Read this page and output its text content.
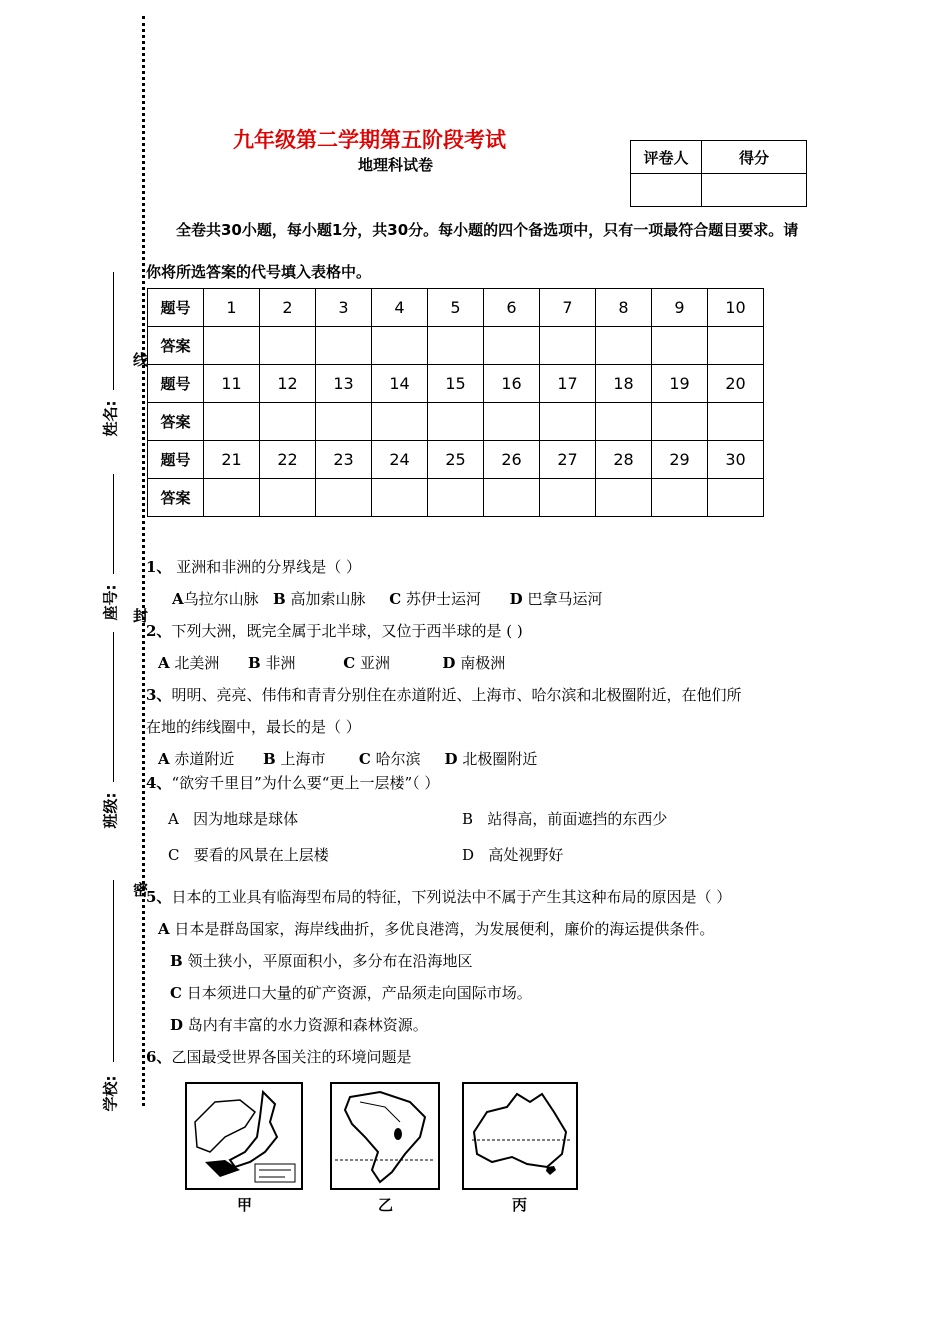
线
封
密
姓名:
座号:
班级:
学校:
九年级第二学期第五阶段考试
地理科试卷	评卷人	得分

全卷共30小题，每小题1分，共30分。每小题的四个备选项中，只有一项最符合题目要求。请你将所选答案的代号填入表格中。
题号	1	2	3	4	5	6	7	8	9	10
答案										
题号	11	12	13	14	15	16	17	18	19	20
答案										
题号	21	22	23	24	25	26	27	28	29	30
答案										
1、 亚洲和非洲的分界线是（ ）
A乌拉尔山脉 B 高加索山脉 C 苏伊士运河 D 巴拿马运河
2、下列大洲，既完全属于北半球，又位于西半球的是 ( )
A 北美洲 B 非洲	C 亚洲	D 南极洲
3、明明、亮亮、伟伟和青青分别住在赤道附近、上海市、哈尔滨和北极圈附近，在他们所
在地的纬线圈中，最长的是（ ）
A 赤道附近 B 上海市 C 哈尔滨 D 北极圈附近
4、“欲穷千里目”为什么要“更上一层楼”（ ）
A 因为地球是球体	B 站得高，前面遮挡的东西少
C 要看的风景在上层楼	D 高处视野好
5、日本的工业具有临海型布局的特征，下列说法中不属于产生其这种布局的原因是（ ）
A 日本是群岛国家，海岸线曲折，多优良港湾，为发展便利，廉价的海运提供条件。
B 领土狭小，平原面积小，多分布在沿海地区
C 日本须进口大量的矿产资源，产品须走向国际市场。
D 岛内有丰富的水力资源和森林资源。
6、乙国最受世界各国关注的环境问题是
甲	乙	丙
